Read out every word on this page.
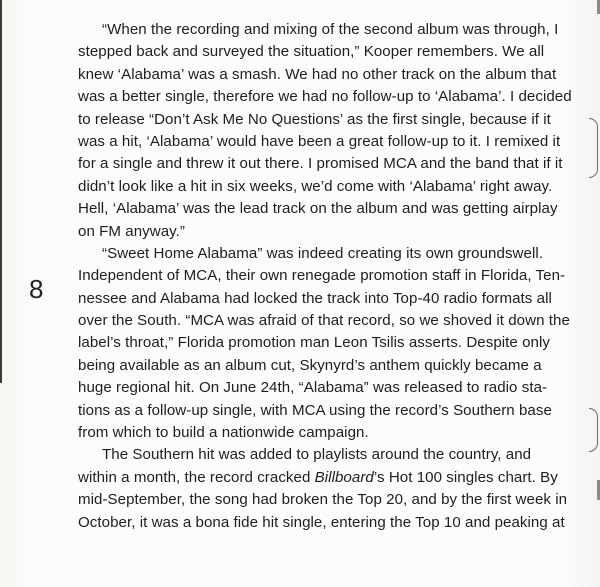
8
“When the recording and mixing of the second album was through, I
stepped back and surveyed the situation,” Kooper remembers. We all
knew ‘Alabama’ was a smash. We had no other track on the album that
was a better single, therefore we had no follow-up to ‘Alabama’. I decided
to release “Don’t Ask Me No Questions’ as the first single, because if it
was a hit, ‘Alabama’ would have been a great follow-up to it. I remixed it
for a single and threw it out there. I promised MCA and the band that if it
didn’t look like a hit in six weeks, we’d come with ‘Alabama’ right away.
Hell, ‘Alabama’ was the lead track on the album and was getting airplay
on FM anyway.”
“Sweet Home Alabama” was indeed creating its own groundswell.
Independent of MCA, their own renegade promotion staff in Florida, Ten-
nessee and Alabama had locked the track into Top-40 radio formats all
over the South. “MCA was afraid of that record, so we shoved it down the
label’s throat,” Florida promotion man Leon Tsilis asserts. Despite only
being available as an album cut, Skynyrd’s anthem quickly became a
huge regional hit. On June 24th, “Alabama” was released to radio sta-
tions as a follow-up single, with MCA using the record’s Southern base
from which to build a nationwide campaign.
The Southern hit was added to playlists around the country, and
within a month, the record cracked Billboard’s Hot 100 singles chart. By
mid-September, the song had broken the Top 20, and by the first week in
October, it was a bona fide hit single, entering the Top 10 and peaking at
